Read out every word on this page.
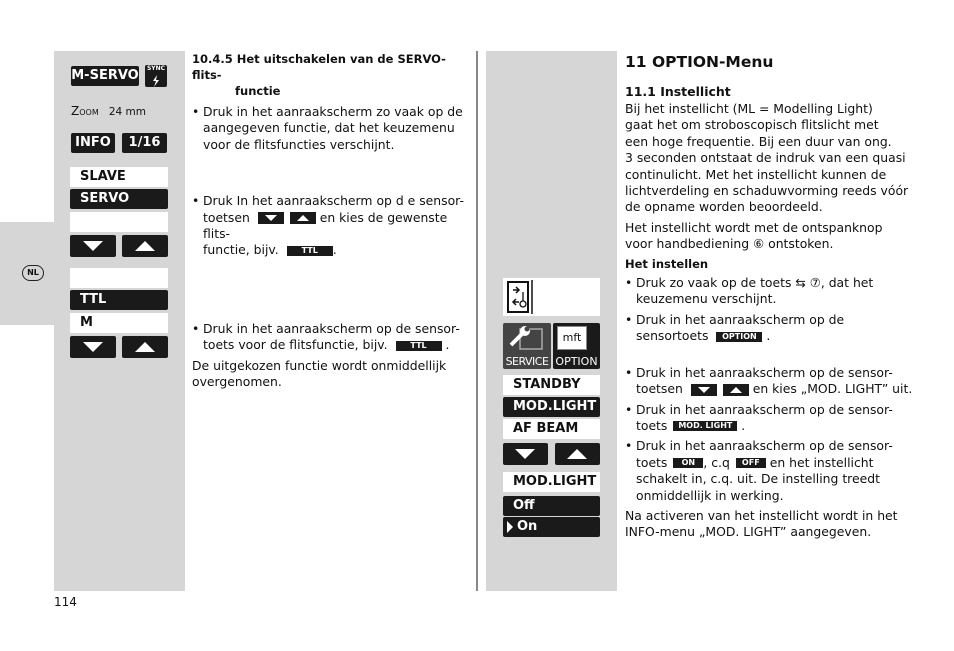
NL
M-SERVO	SYNC
Zoom 24 mm
INFO	1/16
SLAVE
SERVO
TTL
M
10.4.5 Het uitschakelen van de SERVO-flits-
functie
• Druk in het aanraakscherm zo vaak op de
aangegeven functie, dat het keuzemenu
voor de flitsfuncties verschijnt.
• Druk In het aanraakscherm op d e sensor-
toetsen	en kies de gewenste flits-
functie, bijv.	TTL .
• Druk in het aanraakscherm op de sensor-
toets voor de flitsfunctie, bijv.	TTL .
De uitgekozen functie wordt onmiddellijk
overgenomen.
SERVICE
mft
OPTION
STANDBY
MOD.LIGHT
AF BEAM
MOD.LIGHT
Off
On
11 OPTION-Menu
11.1 Instellicht
Bij het instellicht (ML = Modelling Light)
gaat het om stroboscopisch flitslicht met
een hoge frequentie. Bij een duur van ong.
3 seconden ontstaat de indruk van een quasi
continulicht. Met het instellicht kunnen de
lichtverdeling en schaduwvorming reeds vóór
de opname worden beoordeeld.
Het instellicht wordt met de ontspanknop
voor handbediening ⑥ ontstoken.
Het instellen
• Druk zo vaak op de toets ⇆ ⑦, dat het
keuzemenu verschijnt.
• Druk in het aanraakscherm op de
sensortoets OPTION .
• Druk in het aanraakscherm op de sensor-
toetsen	en kies „MOD. LIGHT” uit.
• Druk in het aanraakscherm op de sensor-
toets MOD. LIGHT .
• Druk in het aanraakscherm op de sensor-
toets ON , c.q OFF en het instellicht
schakelt in, c.q. uit. De instelling treedt
onmiddellijk in werking.
Na activeren van het instellicht wordt in het
INFO-menu „MOD. LIGHT” aangegeven.
114
